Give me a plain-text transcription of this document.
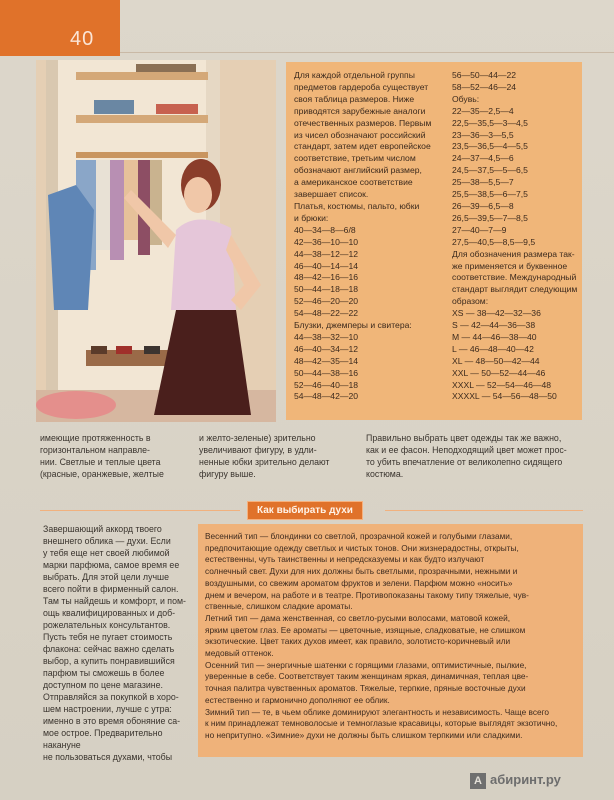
40
Для каждой отдельной группы
предметов гардероба существует
своя таблица размеров. Ниже
приводятся зарубежные аналоги
отечественных размеров. Первым
из чисел обозначают российский
стандарт, затем идет европейское
соответствие, третьим числом
обозначают английский размер,
а американское соответствие
завершает список.
Платья, костюмы, пальто, юбки
и брюки:
40—34—8—6/8
42—36—10—10
44—38—12—12
46—40—14—14
48—42—16—16
50—44—18—18
52—46—20—20
54—48—22—22
Блузки, джемперы и свитера:
44—38—32—10
46—40—34—12
48—42—35—14
50—44—38—16
52—46—40—18
54—48—42—20
56—50—44—22
58—52—46—24
Обувь:
22—35—2,5—4
22,5—35,5—3—4,5
23—36—3—5,5
23,5—36,5—4—5,5
24—37—4,5—6
24,5—37,5—5—6,5
25—38—5,5—7
25,5—38,5—6—7,5
26—39—6,5—8
26,5—39,5—7—8,5
27—40—7—9
27,5—40,5—8,5—9,5
Для обозначения размера так-
же применяется и буквенное
соответствие. Международный
стандарт выглядит следующим
образом:
XS — 38—42—32—36
S — 42—44—36—38
M — 44—46—38—40
L — 46—48—40—42
XL — 48—50—42—44
XXL — 50—52—44—46
XXXL — 52—54—46—48
XXXXL — 54—56—48—50
имеющие протяженность в
горизонтальном направле-
нии. Светлые и теплые цвета
(красные, оранжевые, желтые
и желто-зеленые) зрительно
увеличивают фигуру, в удли-
ненные юбки зрительно делают
фигуру выше.
Правильно выбрать цвет одежды так же важно,
как и ее фасон. Неподходящий цвет может прос-
то убить впечатление от великолепно сидящего
костюма.
Как выбирать духи
Завершающий аккорд твоего
внешнего облика — духи. Если
у тебя еще нет своей любимой
марки парфюма, самое время ее
выбрать. Для этой цели лучше
всего пойти в фирменный салон.
Там ты найдешь и комфорт, и пом-
ощь квалифицированных и доб-
рожелательных консультантов.
Пусть тебя не пугает стоимость
флакона: сейчас важно сделать
выбор, а купить понравившийся
парфюм ты сможешь в более
доступном по цене магазине.
Отправляйся за покупкой в хоро-
шем настроении, лучше с утра:
именно в это время обоняние са-
мое острое. Предварительно накануне
не пользоваться духами, чтобы
Весенний тип — блондинки со светлой, прозрачной кожей и голубыми глазами,
предпочитающие одежду светлых и чистых тонов. Они жизнерадостны, открыты,
естественны, чуть таинственны и непредсказуемы и как будто излучают
солнечный свет. Духи для них должны быть светлыми, прозрачными, нежными и
воздушными, со свежим ароматом фруктов и зелени. Парфюм можно «носить»
днем и вечером, на работе и в театре. Противопоказаны такому типу тяжелые, чув-
ственные, слишком сладкие ароматы.
Летний тип — дама женственная, со светло-русыми волосами, матовой кожей,
ярким цветом глаз. Ее ароматы — цветочные, изящные, сладковатые, не слишком
экзотические. Цвет таких духов имеет, как правило, золотисто-коричневый или
медовый оттенок.
Осенний тип — энергичные шатенки с горящими глазами, оптимистичные, пылкие,
уверенные в себе. Соответствует таким женщинам яркая, динамичная, теплая цве-
точная палитра чувственных ароматов. Тяжелые, терпкие, пряные восточные духи
естественно и гармонично дополняют ее облик.
Зимний тип — те, в чьем облике доминируют элегантность и независимость. Чаще всего
к ним принадлежат темноволосые и темноглазые красавицы, которые выглядят экзотично,
но непритупно. «Зимние» духи не должны быть слишком терпкими или сладкими.
А абиринт.ру
